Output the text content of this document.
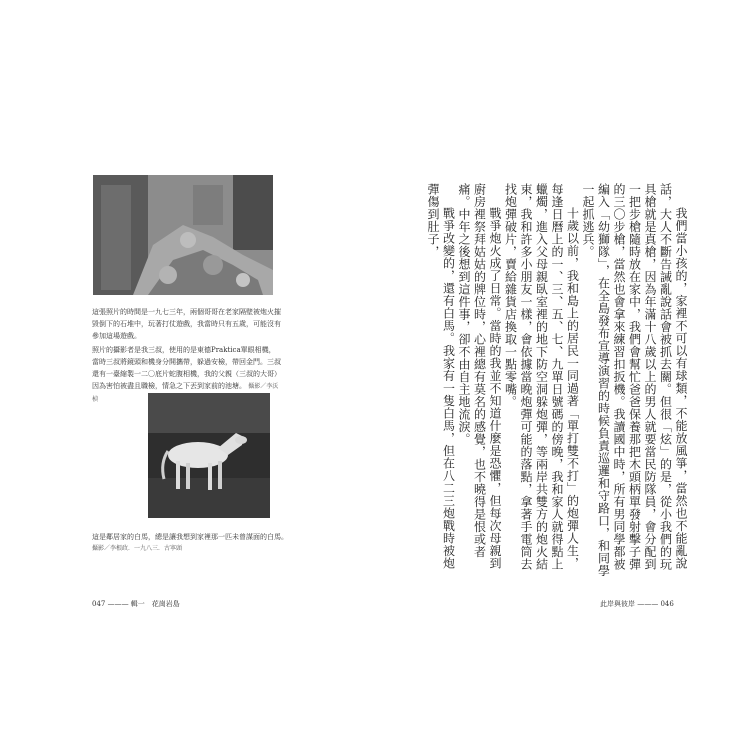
這張照片的時間是一九七三年，兩個哥哥在老家隔壁被炮火摧毀倒下的石堆中，玩著打仗遊戲，我當時只有五歲，可能沒有參加這場遊戲。

照片的攝影者是我三叔，使用的是東德Praktica單眼相機，當時三叔將鏡頭和機身分開攜帶，躲過安檢，帶回金門。三叔還有一臺縮製一二〇底片蛇腹相機，我的父親（三叔的大哥）因為害怕被盡且職檢，情急之下丟到家前的池塘。 攝影／李沃楨

這是鄰居家的白馬，總是讓我想到家裡那一匹未曾謀面的白馬。

攝影／李根政．一九八三．古寧頭

047 ——— 輯一　花崗岩島

我們當小孩的，家裡不可以有球類，不能放風箏，當然也不能亂說話，大人不斷告誡亂說話會被抓去關。但很「炫」的是，從小我們的玩具槍就是真槍，因為年滿十八歲以上的男人就要當民防隊員，會分配到一把步槍隨時放在家中，我們會幫忙爸爸保養那把木頭柄單發射擊子彈的三〇步槍，當然也會拿來練習扣扳機。我讀國中時，所有男同學都被編入「幼獅隊」，在全島發布宣導演習的時候負責巡邏和守路口，和同學一起抓逃兵。

十歲以前，我和島上的居民一同過著「單打雙不打」的炮彈人生，每逢日曆上的一、三、五、七、九單日號碼的傍晚，我和家人就得點上蠟燭，進入父母親臥室裡的地下防空洞躲炮彈，等兩岸共雙方的炮火結束，我和許多小朋友一樣，會依據當晚炮彈可能的落點，拿著手電筒去找炮彈破片，賣給雜貨店換取一點零嘴。

戰爭炮火成了日常。當時的我並不知道什麼是恐懼，但每次母親到廚房裡祭拜姑姑的牌位時，心裡總有莫名的感覺，也不曉得是恨或者痛。中年之後想到這件事，卻不由自主地流淚。

戰爭改變的，還有白馬。我家有一隻白馬，但在八二三炮戰時被炮彈傷到肚子，

此岸與彼岸 ——— 046
